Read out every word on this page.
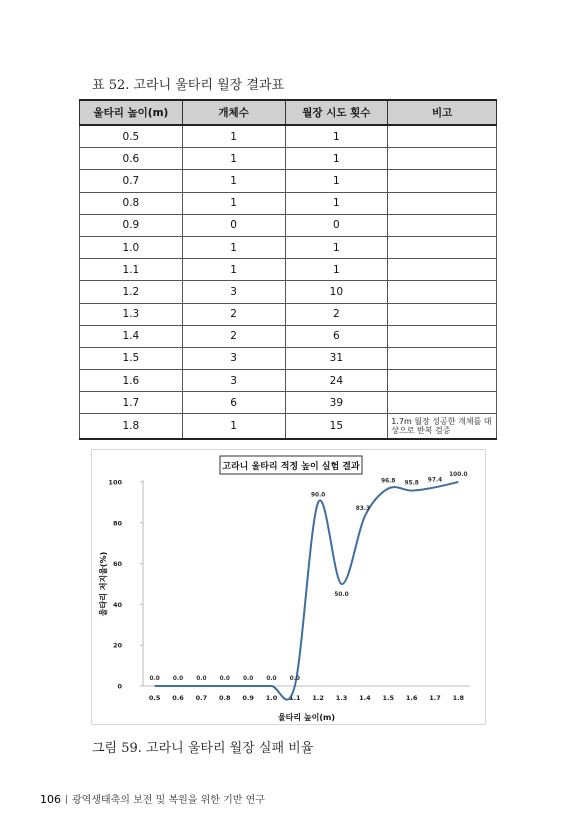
표 52. 고라니 울타리 월장 결과표
울타리 높이(m)	개체수	월장 시도 횟수	비고
0.5	1	1	
0.6	1	1	
0.7	1	1	
0.8	1	1	
0.9	0	0	
1.0	1	1	
1.1	1	1	
1.2	3	10	
1.3	2	2	
1.4	2	6	
1.5	3	31	
1.6	3	24	
1.7	6	39	
1.8	1	15	1.7m 월장 성공한 개체를 대상으로 반복 검증
0
20
40
60
80
100
0.5 0.6 0.7 0.8 0.9 1.0 1.1 1.2 1.3 1.4 1.5 1.6 1.7 1.8
0.0 0.0 0.0 0.0 0.0 0.0 0.0
90.0
50.0
83.3
96.8 95.8
97.4
100.0
고라니 울타리 적정 높이 실험 결과
울타리 높이(m)
울타리 저지율(%)
그림 59. 고라니 울타리 월장 실패 비율
106 광역생태축의 보전 및 복원을 위한 기반 연구
